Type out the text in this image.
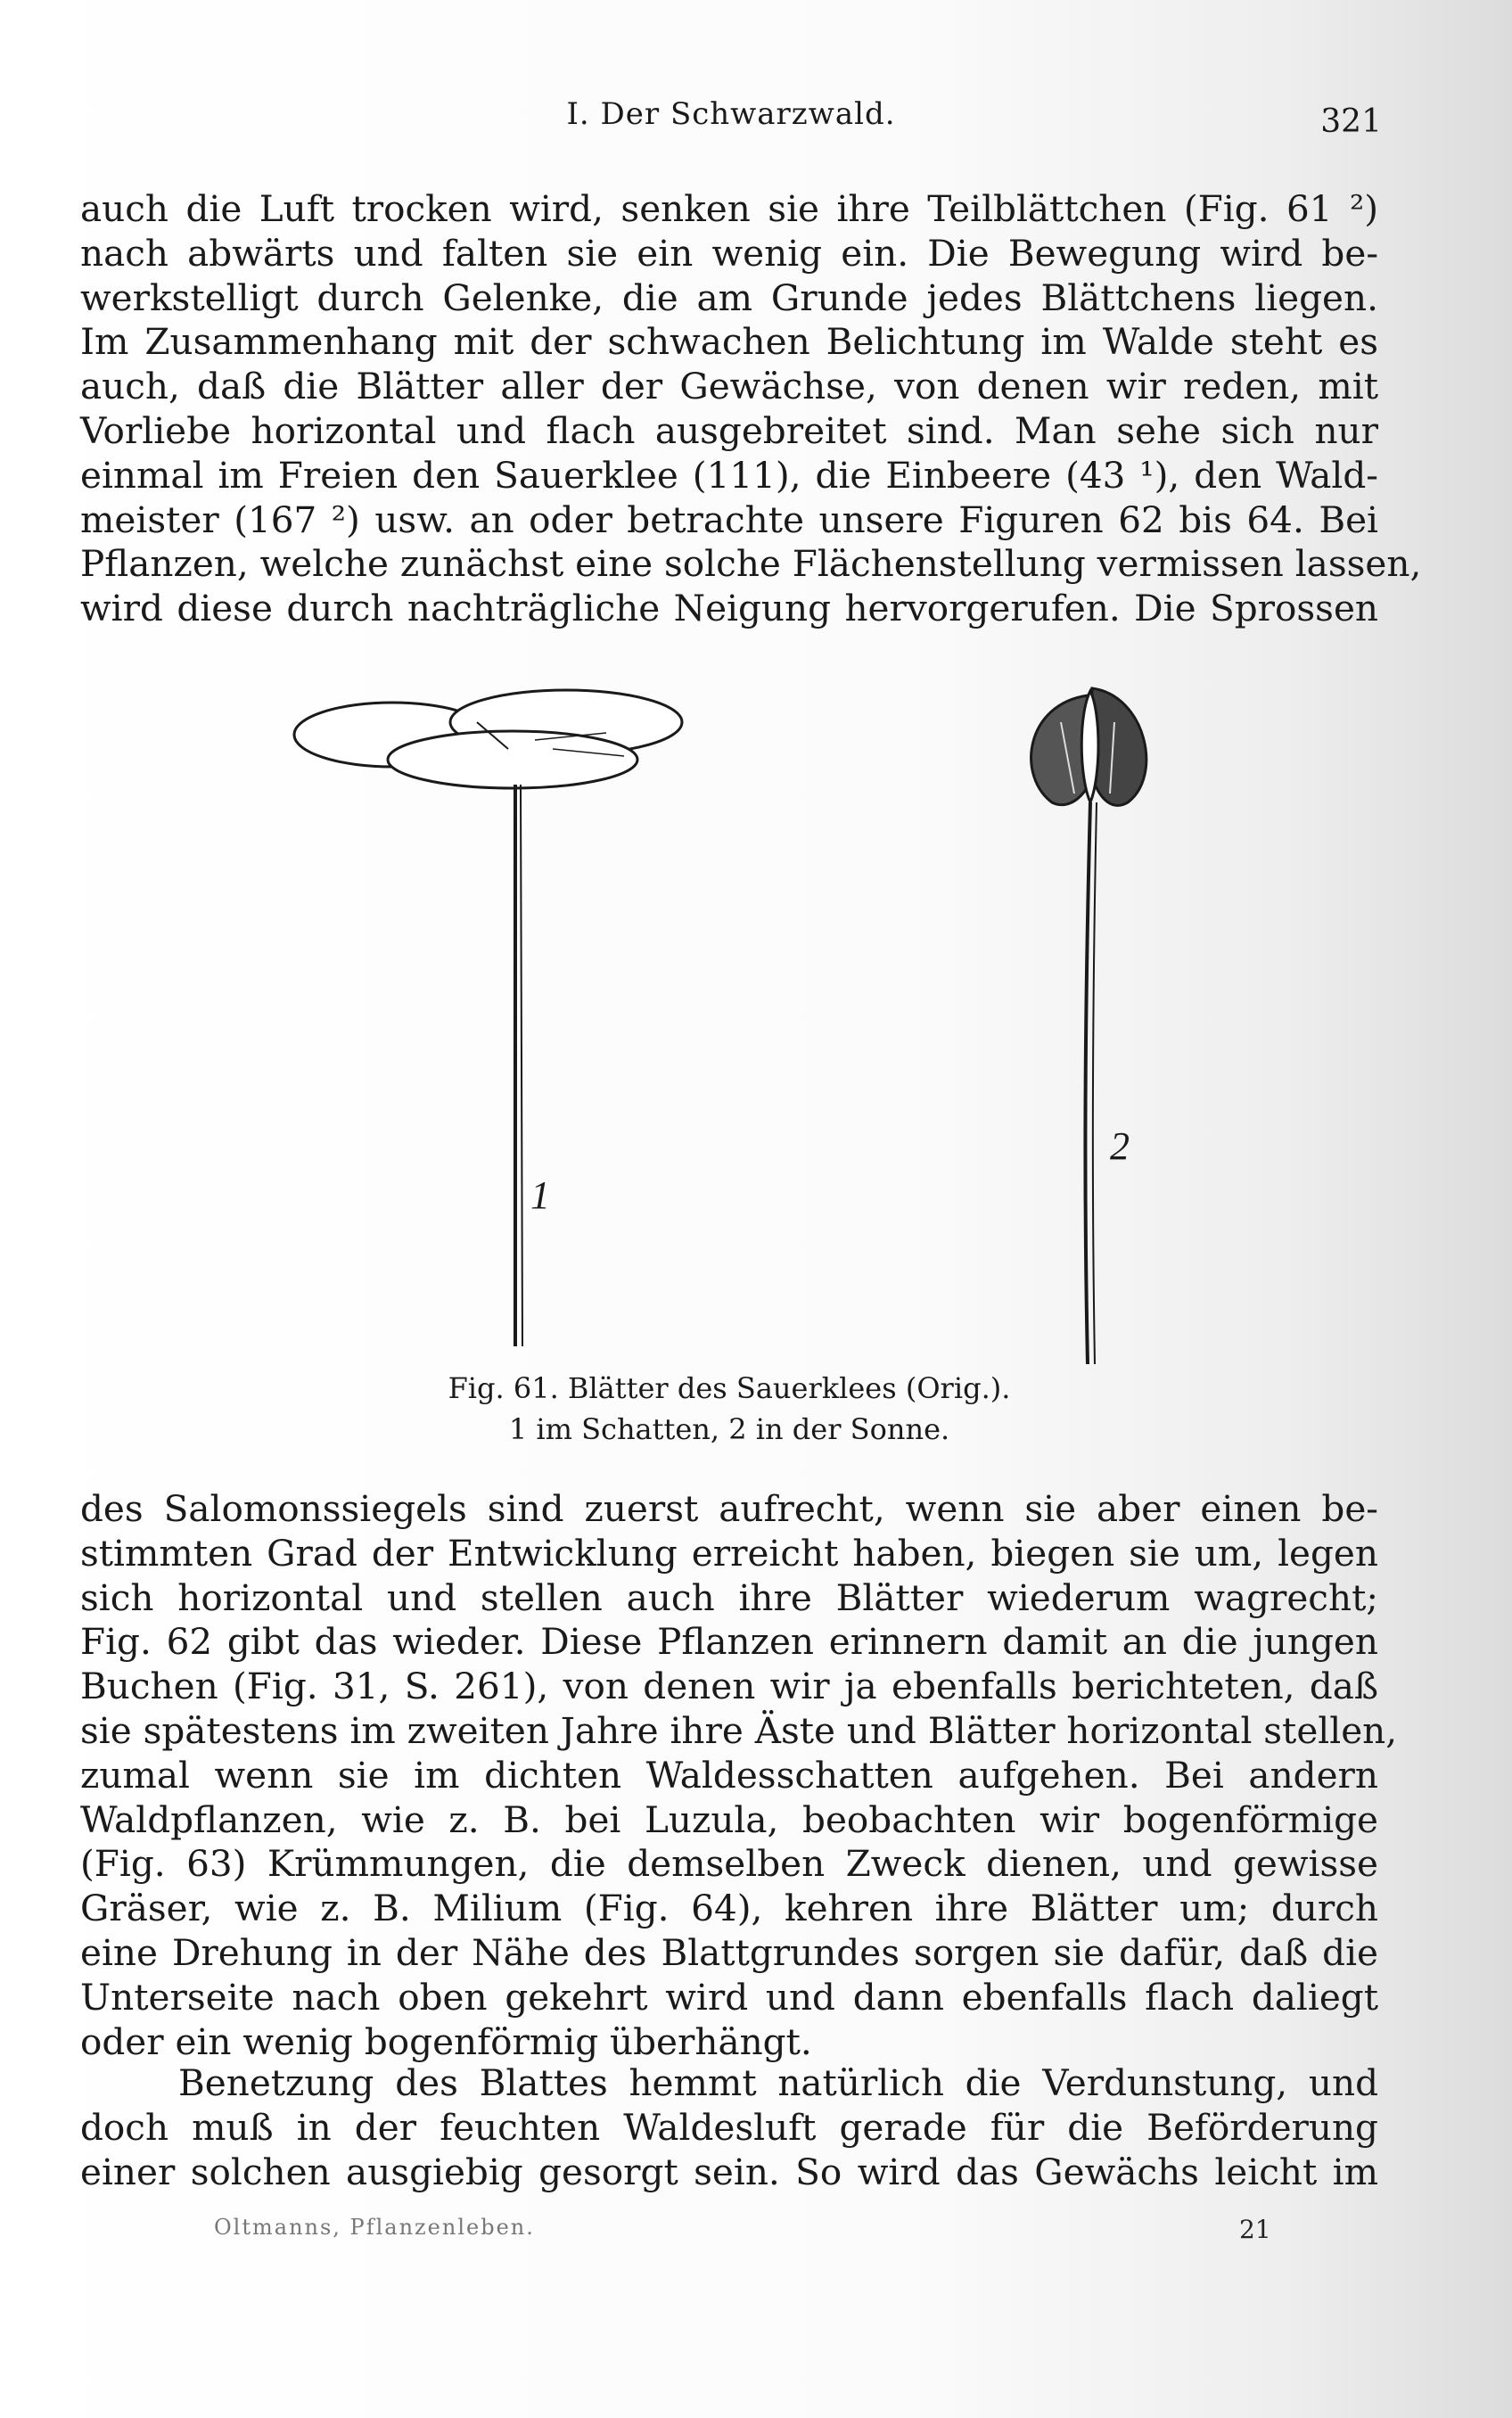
I. Der Schwarzwald.	321

auch die Luft trocken wird, senken sie ihre Teilblättchen (Fig. 61 ²)
nach abwärts und falten sie ein wenig ein. Die Bewegung wird be-
werkstelligt durch Gelenke, die am Grunde jedes Blättchens liegen.
Im Zusammenhang mit der schwachen Belichtung im Walde steht es
auch, daß die Blätter aller der Gewächse, von denen wir reden, mit
Vorliebe horizontal und flach ausgebreitet sind. Man sehe sich nur
einmal im Freien den Sauerklee (111), die Einbeere (43 ¹), den Wald-
meister (167 ²) usw. an oder betrachte unsere Figuren 62 bis 64. Bei
Pflanzen, welche zunächst eine solche Flächenstellung vermissen lassen,
wird diese durch nachträgliche Neigung hervorgerufen. Die Sprossen

1
2
Fig. 61. Blätter des Sauerklees (Orig.).
1 im Schatten, 2 in der Sonne.

des Salomonssiegels sind zuerst aufrecht, wenn sie aber einen be-
stimmten Grad der Entwicklung erreicht haben, biegen sie um, legen
sich horizontal und stellen auch ihre Blätter wiederum wagrecht;
Fig. 62 gibt das wieder. Diese Pflanzen erinnern damit an die jungen
Buchen (Fig. 31, S. 261), von denen wir ja ebenfalls berichteten, daß
sie spätestens im zweiten Jahre ihre Äste und Blätter horizontal stellen,
zumal wenn sie im dichten Waldesschatten aufgehen. Bei andern
Waldpflanzen, wie z. B. bei Luzula, beobachten wir bogenförmige
(Fig. 63) Krümmungen, die demselben Zweck dienen, und gewisse
Gräser, wie z. B. Milium (Fig. 64), kehren ihre Blätter um; durch
eine Drehung in der Nähe des Blattgrundes sorgen sie dafür, daß die
Unterseite nach oben gekehrt wird und dann ebenfalls flach daliegt
oder ein wenig bogenförmig überhängt.

Benetzung des Blattes hemmt natürlich die Verdunstung, und
doch muß in der feuchten Waldesluft gerade für die Beförderung
einer solchen ausgiebig gesorgt sein. So wird das Gewächs leicht im

Oltmanns, Pflanzenleben.	21
